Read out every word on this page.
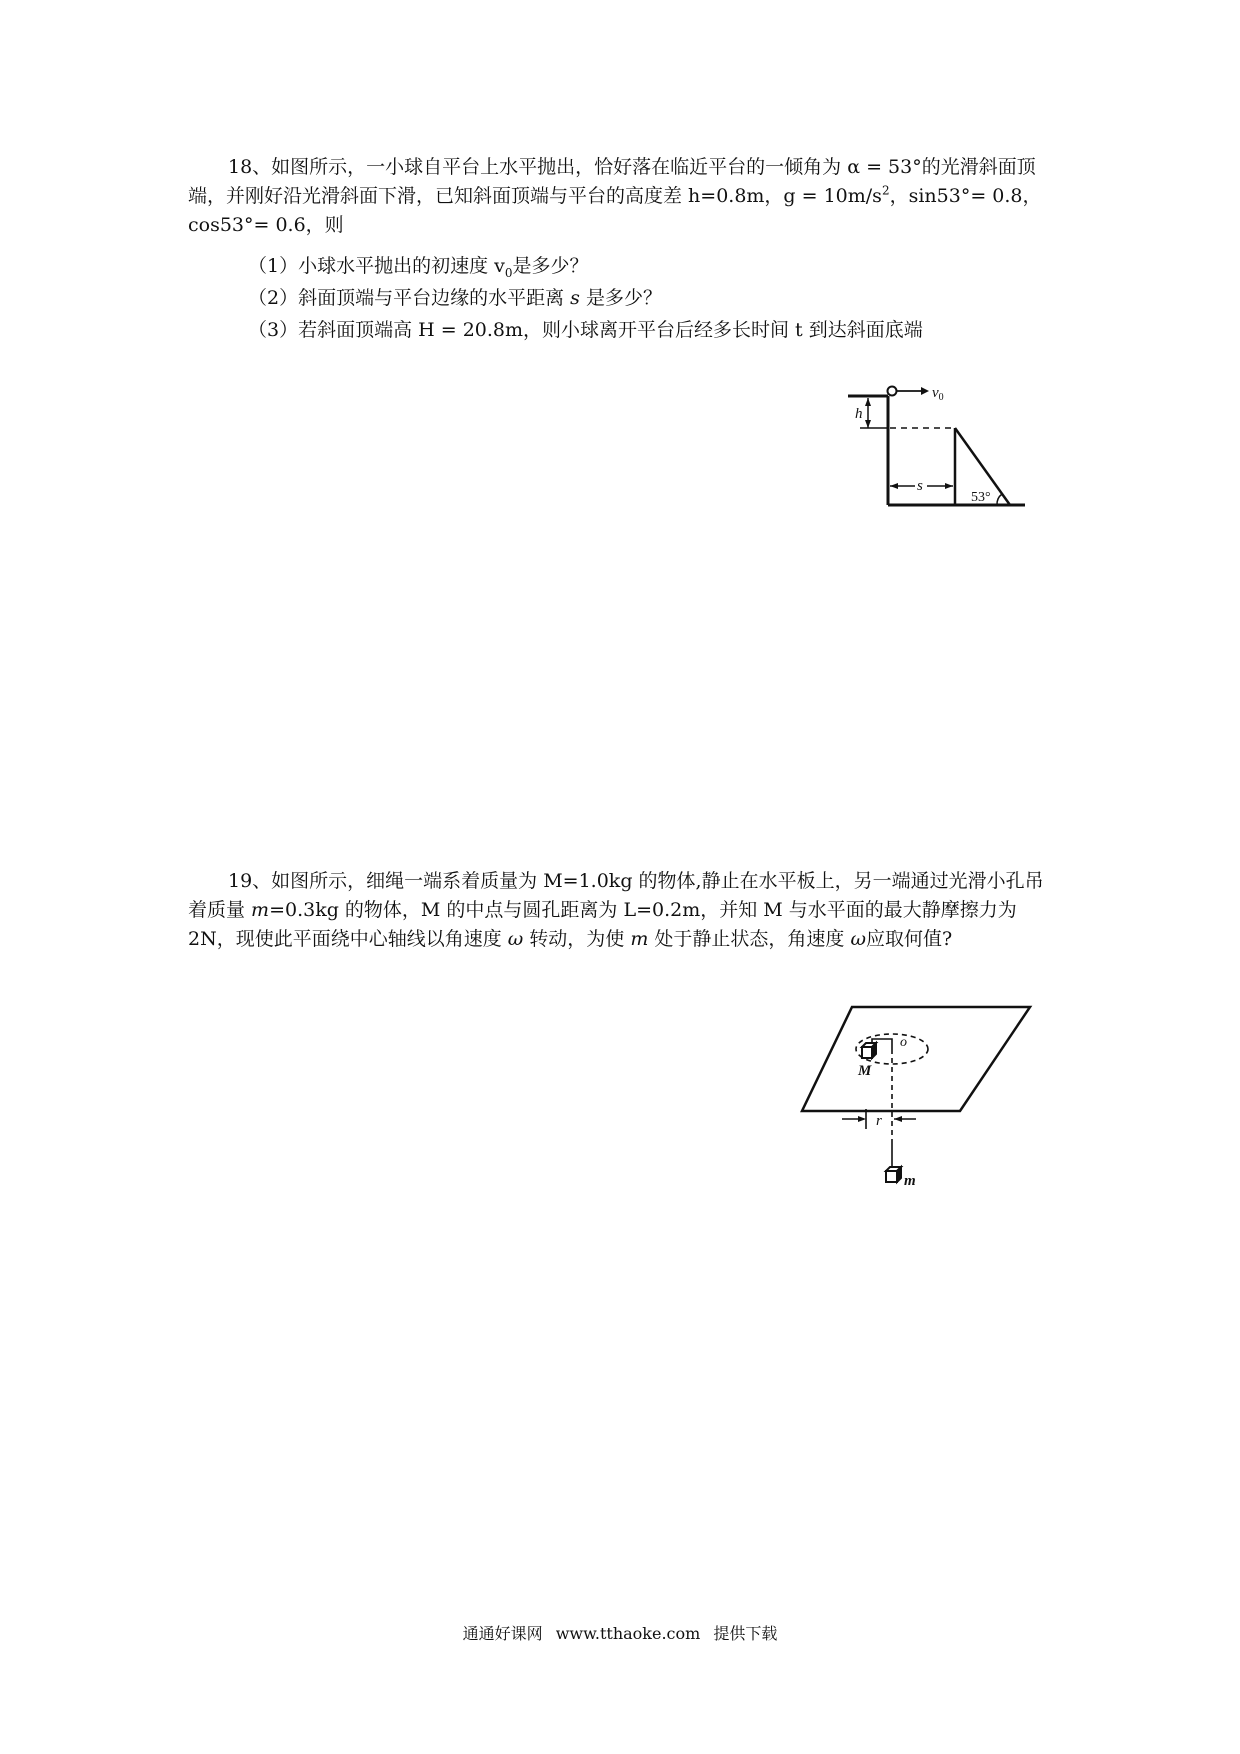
18、如图所示，一小球自平台上水平抛出，恰好落在临近平台的一倾角为 α = 53°的光滑斜面顶端，并刚好沿光滑斜面下滑，已知斜面顶端与平台的高度差 h=0.8m，$g = 10m/s^2$，sin53°= 0.8，cos53°= 0.6，则

（1）小球水平抛出的初速度 $v_0$是多少？

（2）斜面顶端与平台边缘的水平距离 s 是多少？

（3）若斜面顶端高 H = 20.8m，则小球离开平台后经多长时间 t 到达斜面底端

$v_0$
h
s
53°

19、如图所示，细绳一端系着质量为 M=1.0kg 的物体,静止在水平板上，另一端通过光滑小孔吊着质量 m=0.3kg 的物体，M 的中点与圆孔距离为 L=0.2m，并知 M 与水平面的最大静摩擦力为 2N，现使此平面绕中心轴线以角速度 ω 转动，为使 m 处于静止状态，角速度 ω应取何值?

o
M
r
m
通通好课网 www.tthaoke.com 提供下载
